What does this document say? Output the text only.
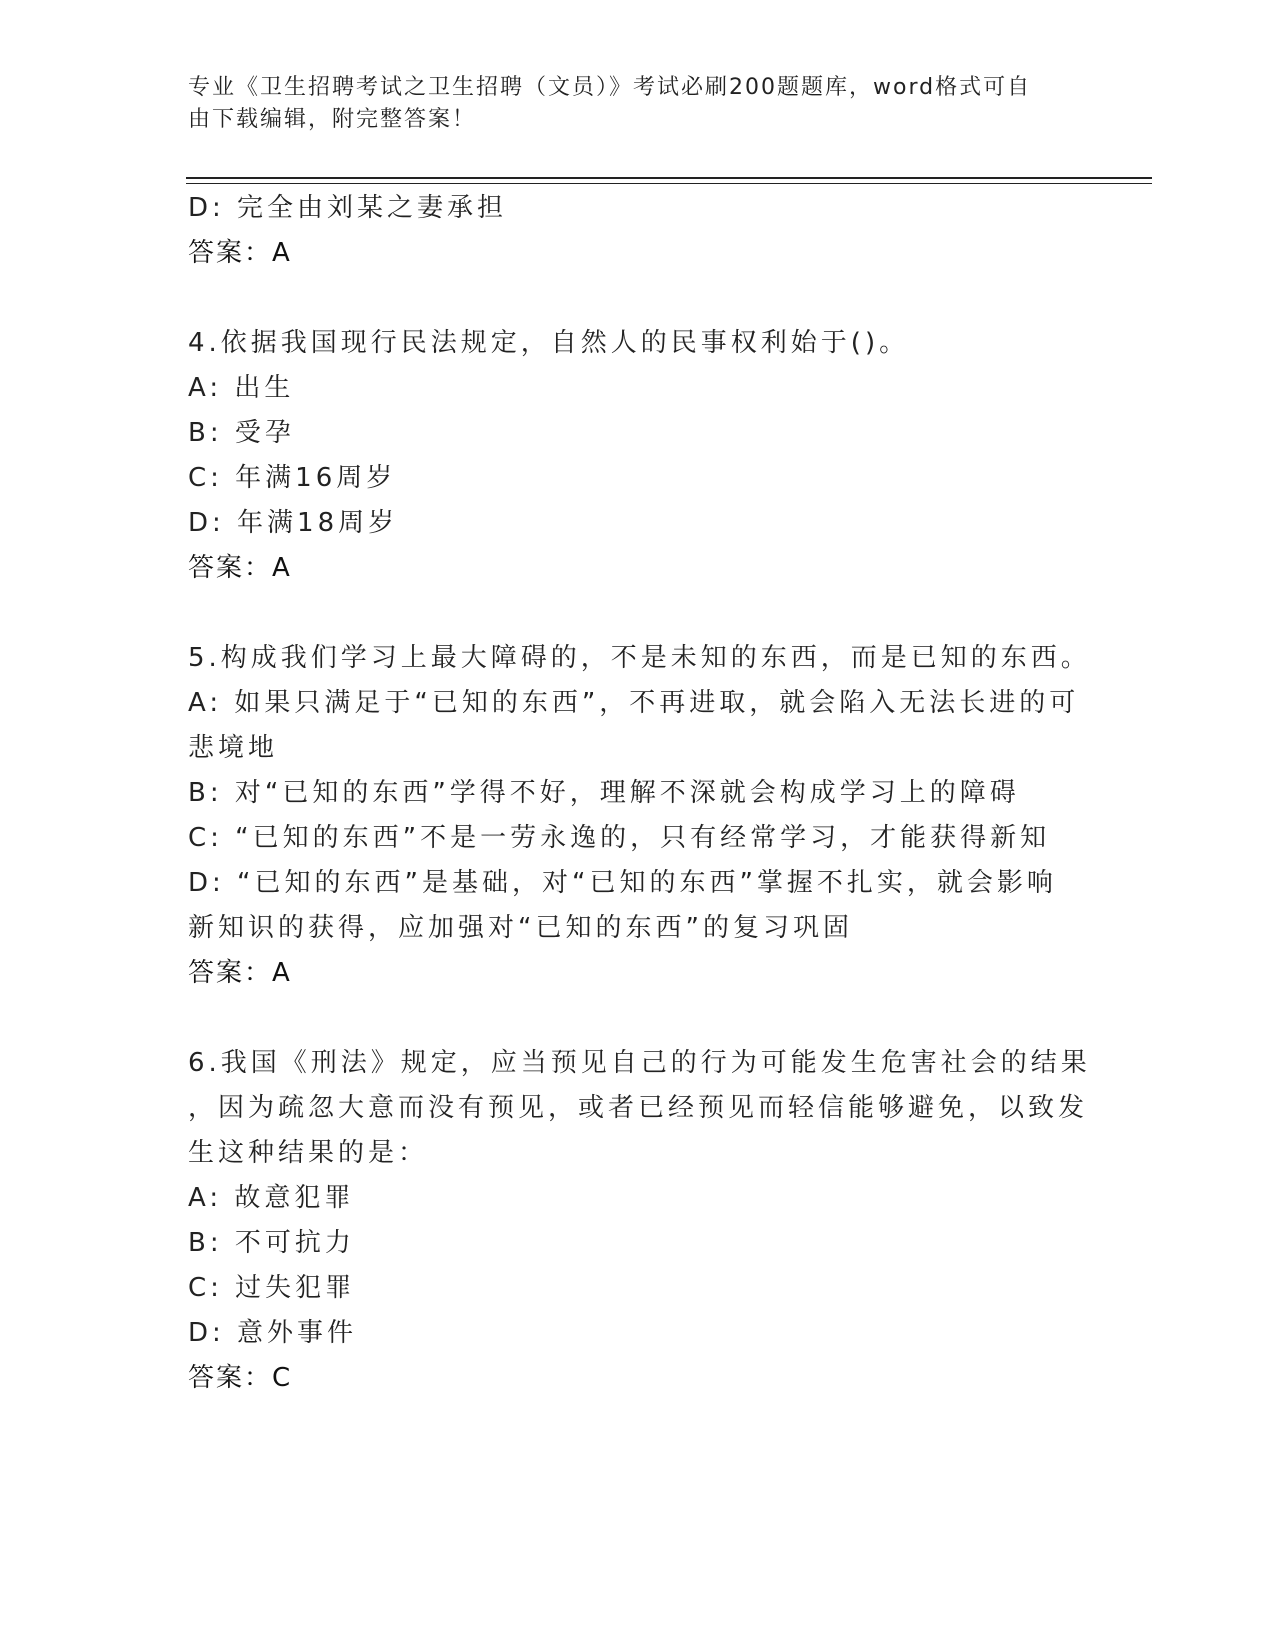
专业《卫生招聘考试之卫生招聘（文员）》考试必刷200题题库，word格式可自
由下载编辑，附完整答案！
D: 完全由刘某之妻承担
答案：A
4.依据我国现行民法规定，自然人的民事权利始于()。
A: 出生
B: 受孕
C: 年满16周岁
D: 年满18周岁
答案：A
5.构成我们学习上最大障碍的，不是未知的东西，而是已知的东西。
A: 如果只满足于“已知的东西”，不再进取，就会陷入无法长进的可
悲境地
B: 对“已知的东西”学得不好，理解不深就会构成学习上的障碍
C: “已知的东西”不是一劳永逸的，只有经常学习，才能获得新知
D: “已知的东西”是基础，对“已知的东西”掌握不扎实，就会影响
新知识的获得，应加强对“已知的东西”的复习巩固
答案：A
6.我国《刑法》规定，应当预见自己的行为可能发生危害社会的结果
，因为疏忽大意而没有预见，或者已经预见而轻信能够避免，以致发
生这种结果的是：
A: 故意犯罪
B: 不可抗力
C: 过失犯罪
D: 意外事件
答案：C
